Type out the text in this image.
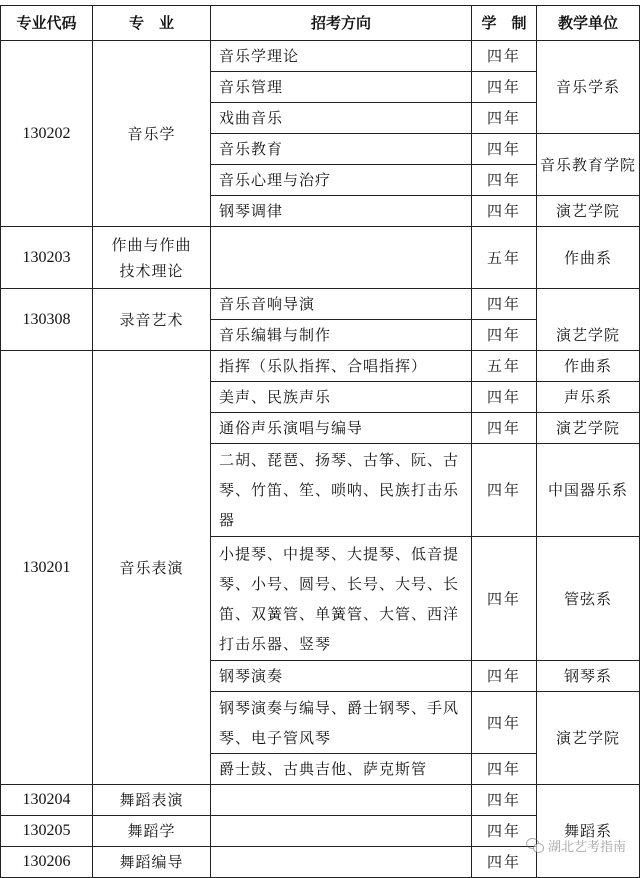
专业代码	专　业	招考方向	学　制	教学单位
130202	音乐学	音乐学理论	四年	音乐学系
		音乐管理	四年	
		戏曲音乐	四年	
		音乐教育	四年	音乐教育学院
		音乐心理与治疗	四年	
		钢琴调律	四年	演艺学院
130203	作曲与作曲技术理论		五年	作曲系
130308	录音艺术	音乐音响导演	四年	演艺学院
		音乐编辑与制作	四年	
130201	音乐表演	指挥（乐队指挥、合唱指挥）	五年	作曲系
		美声、民族声乐	四年	声乐系
		通俗声乐演唱与编导	四年	演艺学院
		二胡、琵琶、扬琴、古筝、阮、古琴、竹笛、笙、唢呐、民族打击乐器	四年	中国器乐系
		小提琴、中提琴、大提琴、低音提琴、小号、圆号、长号、大号、长笛、双簧管、单簧管、大管、西洋打击乐器、竖琴	四年	管弦系
		钢琴演奏	四年	钢琴系
		钢琴演奏与编导、爵士钢琴、手风琴、电子管风琴	四年	演艺学院
		爵士鼓、古典吉他、萨克斯管	四年	
130204	舞蹈表演		四年	舞蹈系
130205	舞蹈学		四年	
130206	舞蹈编导		四年	
湖北艺考指南
